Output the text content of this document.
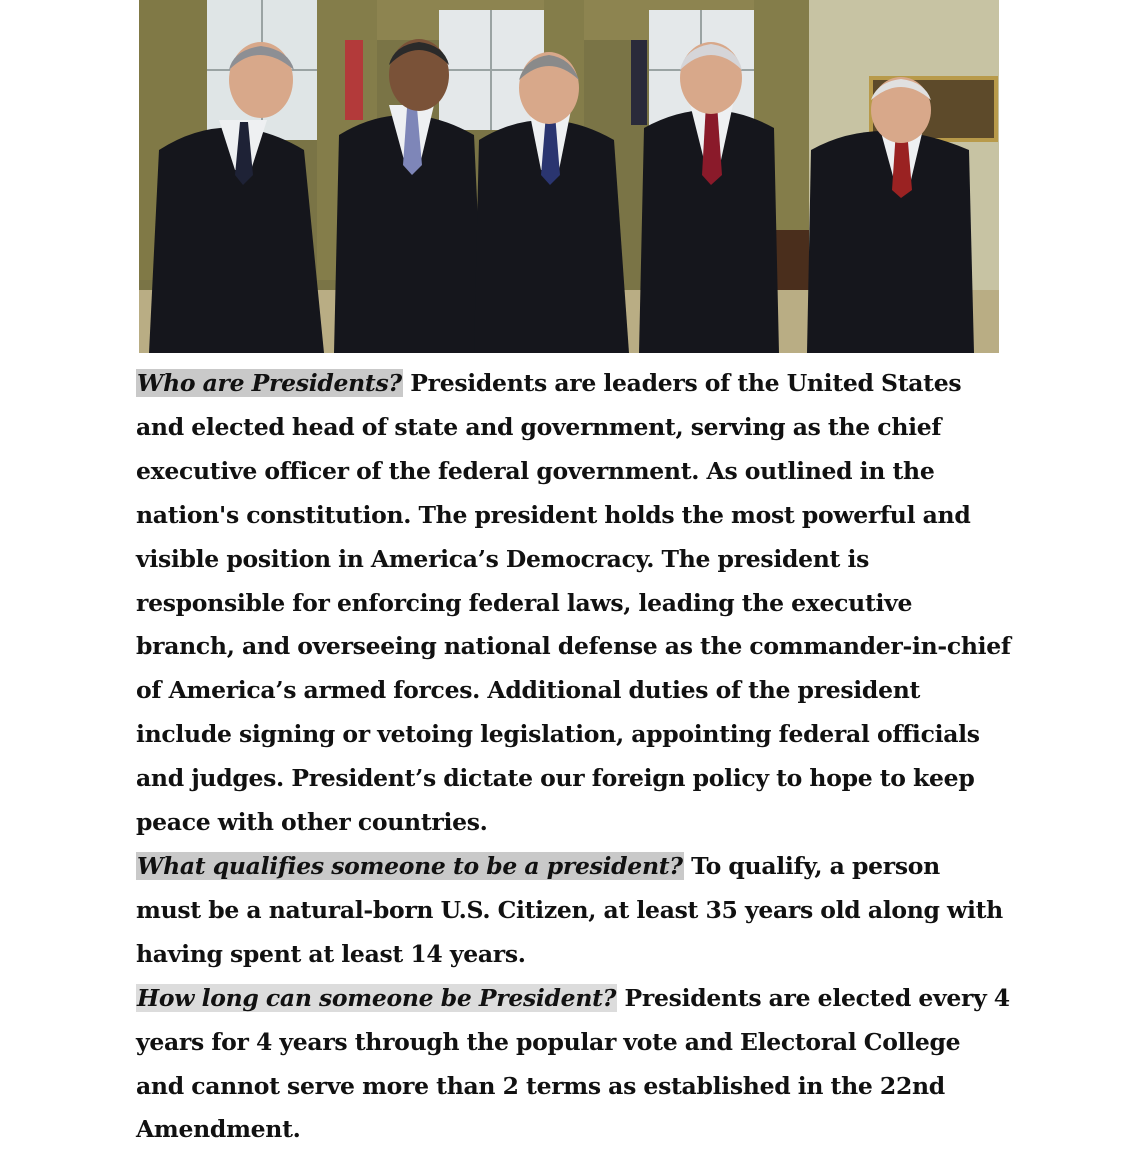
Who are Presidents? Presidents are leaders of the United States and elected head of state and government, serving as the chief executive officer of the federal government. As outlined in the nation's constitution. The president holds the most powerful and visible position in America’s Democracy. The president is responsible for enforcing federal laws, leading the executive branch, and overseeing national defense as the commander-in-chief of America’s armed forces. Additional duties of the president include signing or vetoing legislation, appointing federal officials and judges. President’s dictate our foreign policy to hope to keep peace with other countries.

What qualifies someone to be a president? To qualify, a person must be a natural-born U.S. Citizen, at least 35 years old along with having spent at least 14 years.

How long can someone be President? Presidents are elected every 4 years for 4 years through the popular vote and Electoral College and cannot serve more than 2 terms as established in the 22nd Amendment.
